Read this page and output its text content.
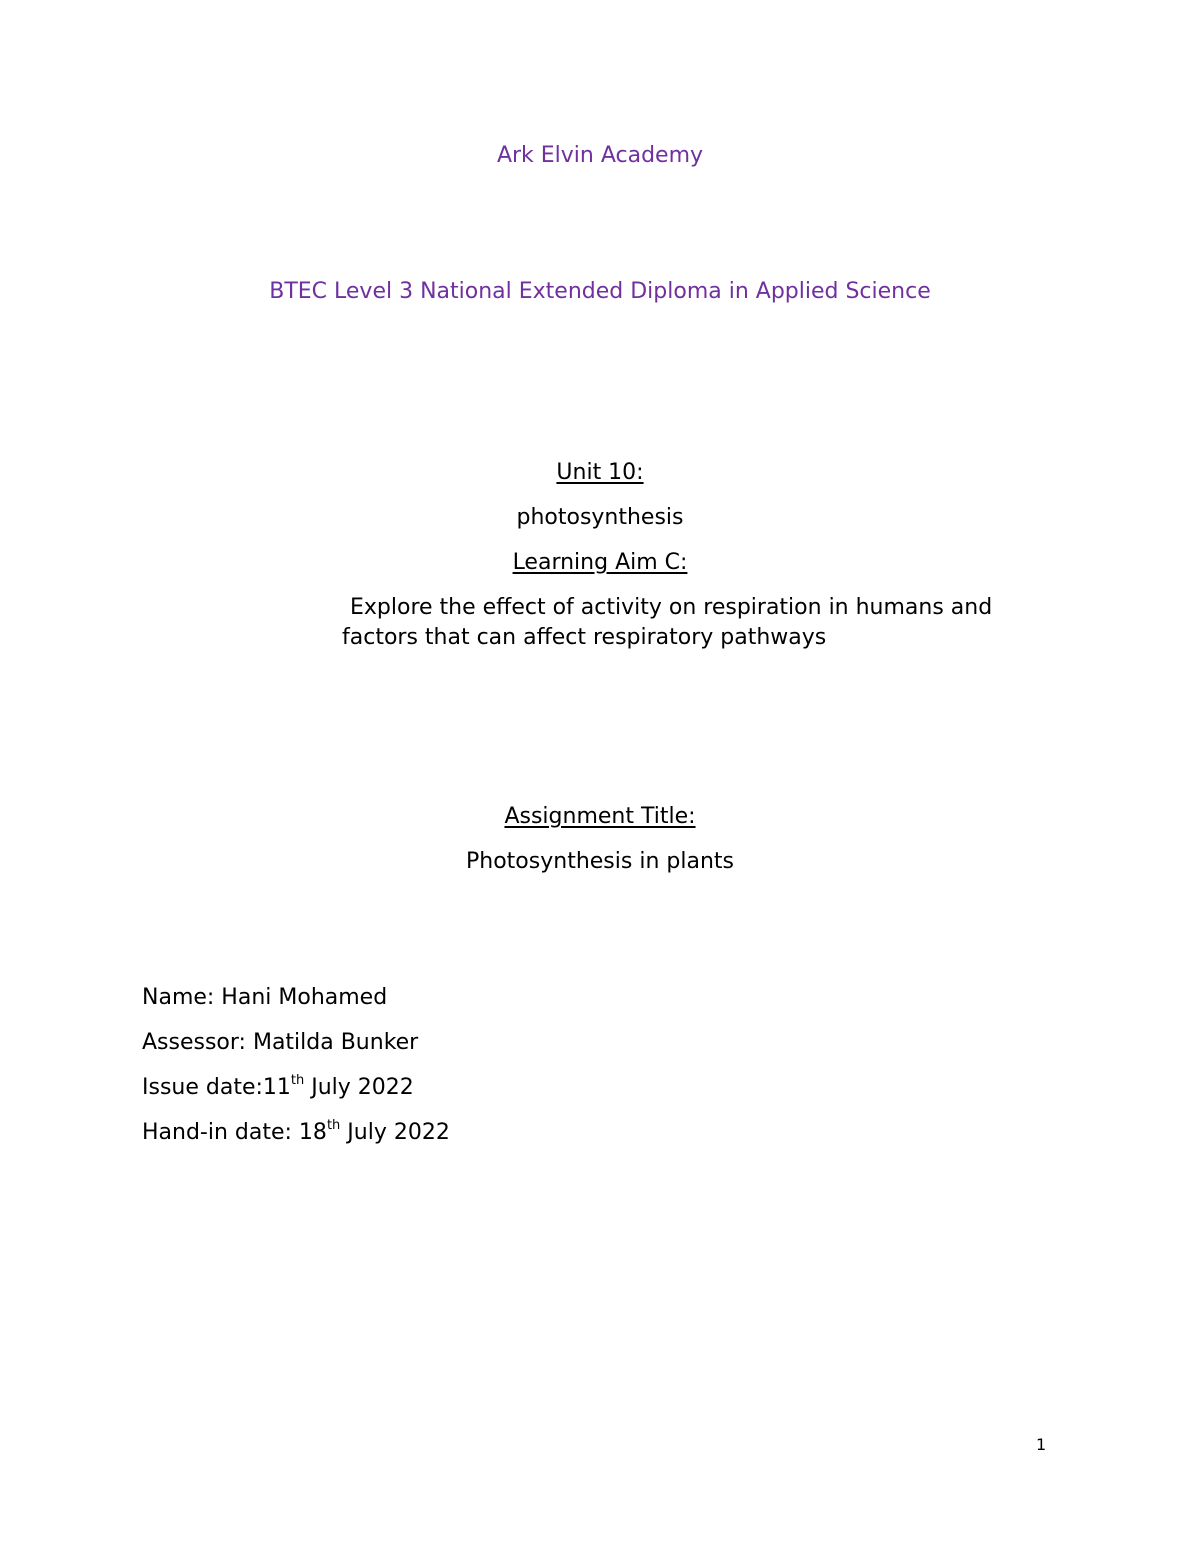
Ark Elvin Academy
BTEC Level 3 National Extended Diploma in Applied Science
Unit 10:
photosynthesis
Learning Aim C:
Explore the effect of activity on respiration in humans and
factors that can affect respiratory pathways
Assignment Title:
Photosynthesis in plants
Name: Hani Mohamed
Assessor: Matilda Bunker
Issue date:11th July 2022
Hand-in date: 18th July 2022
1
